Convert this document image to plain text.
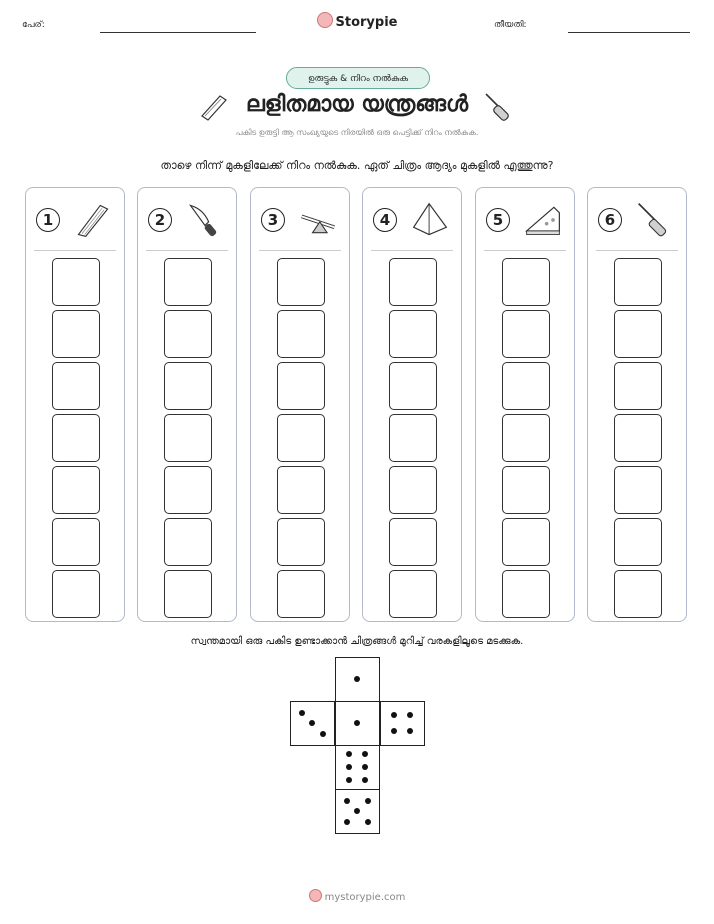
പേര്:	Storypie	തീയതി:
ഉരുട്ടുക & നിറം നൽകുക
ലളിതമായ യന്ത്രങ്ങൾ
പകിട ഉരുട്ടി ആ സംഖ്യയുടെ നിരയിൽ ഒരു പെട്ടിക്ക് നിറം നൽകുക.
താഴെ നിന്ന് മുകളിലേക്ക് നിറം നൽകുക. ഏത് ചിത്രം ആദ്യം മുകളിൽ എത്തുന്നു?
1	2	3	4	5	6
സ്വന്തമായി ഒരു പകിട ഉണ്ടാക്കാൻ ചിത്രങ്ങൾ മുറിച്ച് വരകളിലൂടെ മടക്കുക.
mystorypie.com
